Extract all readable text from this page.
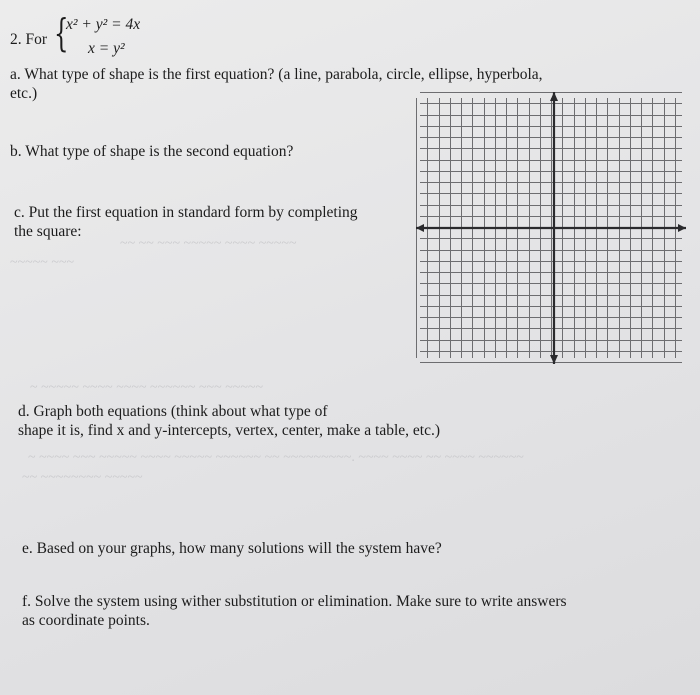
2. For {
x² + y² = 4x
x = y²
a. What type of shape is the first equation? (a line, parabola, circle, ellipse, hyperbola,
etc.)
b. What type of shape is the second equation?
c. Put the first equation in standard form by completing
the square:
~~ ~~ ~~~ ~~~~~ ~~~~ ~~~~~
~~~~~ ~~~
~ ~~~~~ ~~~~ ~~~~ ~~~~~~ ~~~ ~~~~~
~ ~~~~ ~~~ ~~~~~ ~~~~ ~~~~~ ~~~~~~ ~~ ~~~~~~~~~. ~~~~ ~~~~ ~~ ~~~~ ~~~~~~
~~ ~~~~~~~~ ~~~~~
d. Graph both equations (think about what type of
shape it is, find x and y-intercepts, vertex, center, make a table, etc.)
e. Based on your graphs, how many solutions will the system have?
f. Solve the system using wither substitution or elimination. Make sure to write answers
as coordinate points.
